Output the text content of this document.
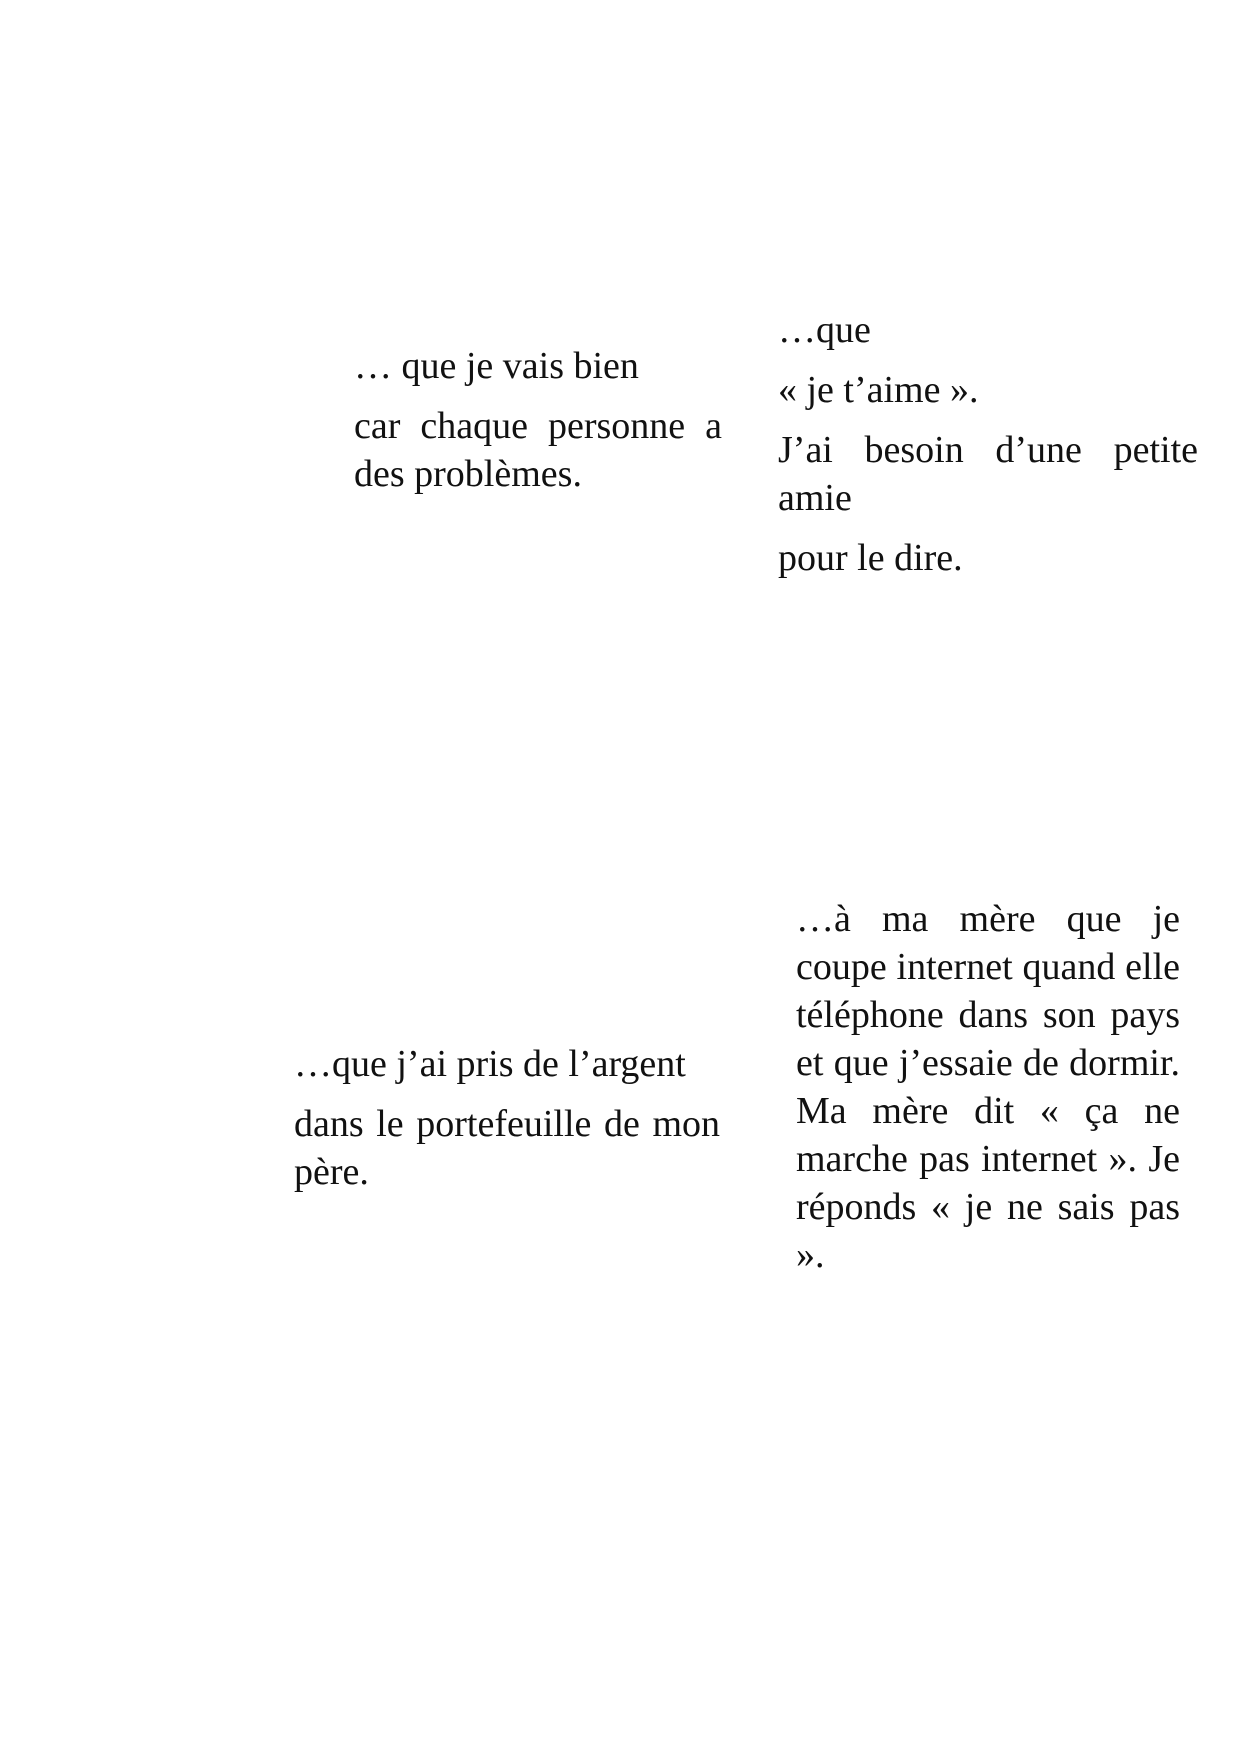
… que je vais bien

car chaque personne a des problèmes.

…que

« je t’aime ».

J’ai besoin d’une petite amie

pour le dire.

…que j’ai pris de l’argent

dans le portefeuille de mon père.

…à ma mère que je coupe internet quand elle téléphone dans son pays et que j’essaie de dormir. Ma mère dit « ça ne marche pas internet ». Je réponds « je ne sais pas ».
